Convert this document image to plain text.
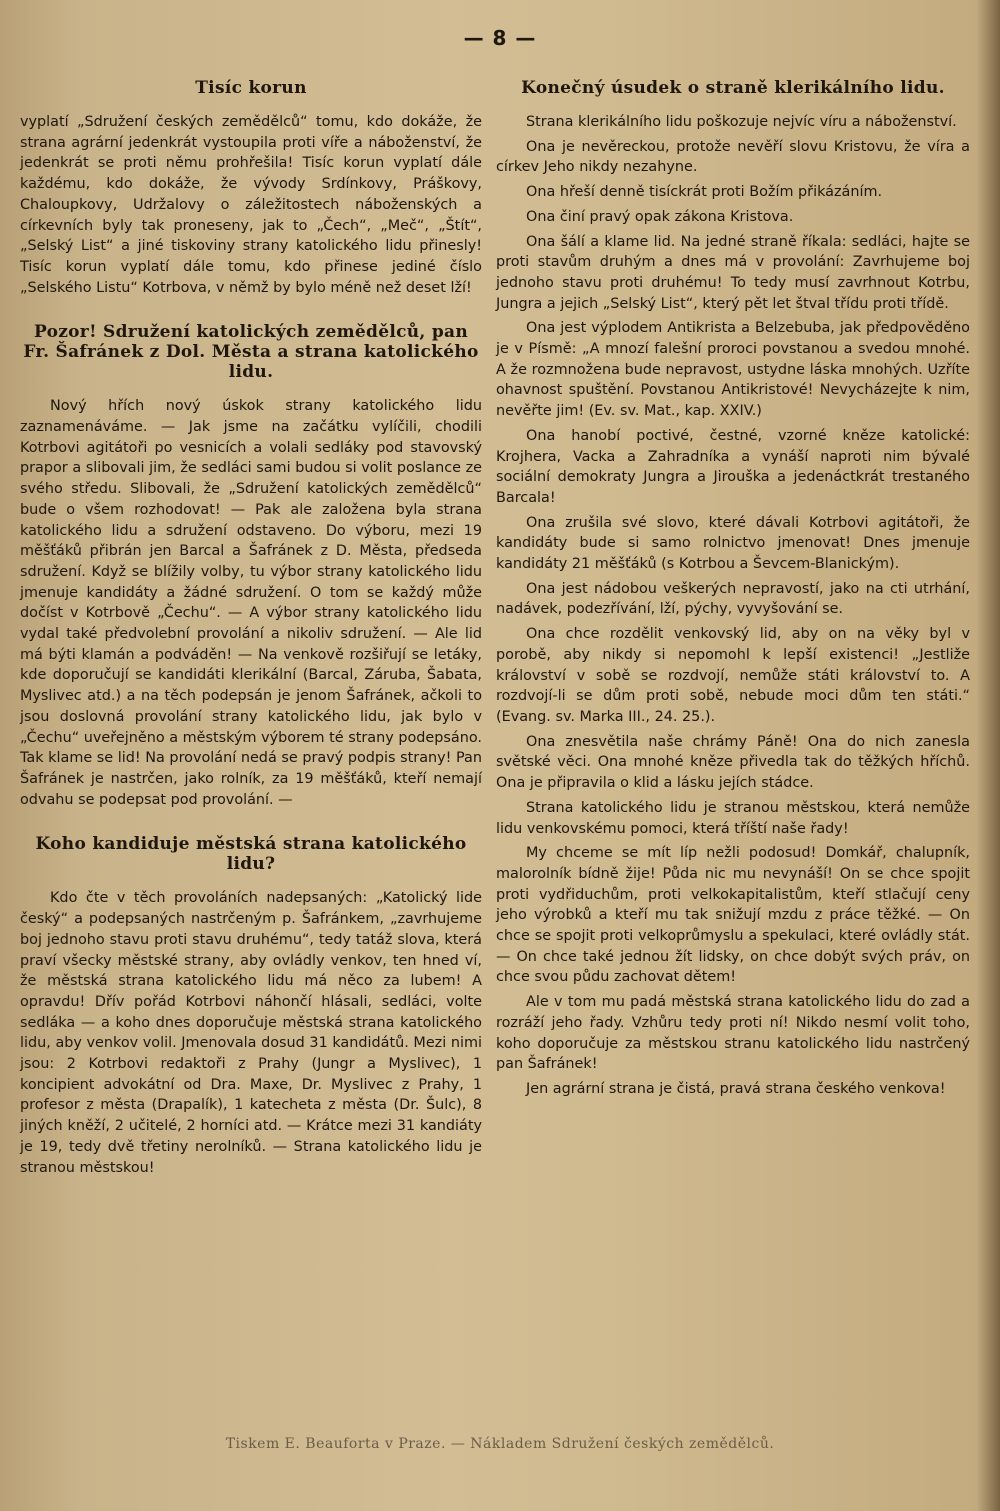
— 8 —
Tisíc korun

vyplatí „Sdružení českých zemědělců“ tomu, kdo dokáže, že strana agrární jedenkrát vystoupila proti víře a náboženství, že jedenkrát se proti němu prohřešila! Tisíc korun vyplatí dále každému, kdo dokáže, že vývody Srdínkovy, Práškovy, Chaloupkovy, Udržalovy o záležitostech náboženských a církevních byly tak proneseny, jak to „Čech“, „Meč“, „Štít“, „Selský List“ a jiné tiskoviny strany katolického lidu přinesly! Tisíc korun vyplatí dále tomu, kdo přinese jediné číslo „Selského Listu“ Kotrbova, v němž by bylo méně než deset lží!

Pozor! Sdružení katolických zemědělců, pan Fr. Šafránek z Dol. Města a strana katolického lidu.

Nový hřích nový úskok strany katolického lidu zaznamenáváme. — Jak jsme na začátku vylíčili, chodili Kotrbovi agitátoři po vesnicích a volali sedláky pod stavovský prapor a slibovali jim, že sedláci sami budou si volit poslance ze svého středu. Slibovali, že „Sdružení katolických zemědělců“ bude o všem rozhodovat! — Pak ale založena byla strana katolického lidu a sdružení odstaveno. Do výboru, mezi 19 měšťáků přibrán jen Barcal a Šafránek z D. Města, předseda sdružení. Když se blížily volby, tu výbor strany katolického lidu jmenuje kandidáty a žádné sdružení. O tom se každý může dočíst v Kotrbově „Čechu“. — A výbor strany katolického lidu vydal také předvolební provolání a nikoliv sdružení. — Ale lid má býti klamán a podváděn! — Na venkově rozšiřují se letáky, kde doporučují se kandidáti klerikální (Barcal, Záruba, Šabata, Myslivec atd.) a na těch podepsán je jenom Šafránek, ačkoli to jsou doslovná provolání strany katolického lidu, jak bylo v „Čechu“ uveřejněno a městským výborem té strany podepsáno. Tak klame se lid! Na provolání nedá se pravý podpis strany! Pan Šafránek je nastrčen, jako rolník, za 19 měšťáků, kteří nemají odvahu se podepsat pod provolání. —

Koho kandiduje městská strana katolického lidu?

Kdo čte v těch provoláních nadepsaných: „Katolický lide český“ a podepsaných nastrčeným p. Šafránkem, „zavrhujeme boj jednoho stavu proti stavu druhému“, tedy tatáž slova, která praví všecky městské strany, aby ovládly venkov, ten hned ví, že městská strana katolického lidu má něco za lubem! A opravdu! Dřív pořád Kotrbovi náhončí hlásali, sedláci, volte sedláka — a koho dnes doporučuje městská strana katolického lidu, aby venkov volil. Jmenovala dosud 31 kandidátů. Mezi nimi jsou: 2 Kotrbovi redaktoři z Prahy (Jungr a Myslivec), 1 koncipient advokátní od Dra. Maxe, Dr. Myslivec z Prahy, 1 profesor z města (Drapalík), 1 katecheta z města (Dr. Šulc), 8 jiných kněží, 2 učitelé, 2 horníci atd. — Krátce mezi 31 kandiáty je 19, tedy dvě třetiny nerolníků. — Strana katolického lidu je stranou městskou!

Konečný úsudek o straně klerikálního lidu.

Strana klerikálního lidu poškozuje nejvíc víru a náboženství.

Ona je nevěreckou, protože nevěří slovu Kristovu, že víra a církev Jeho nikdy nezahyne.

Ona hřeší denně tisíckrát proti Božím přikázáním.

Ona činí pravý opak zákona Kristova.

Ona šálí a klame lid. Na jedné straně říkala: sedláci, hajte se proti stavům druhým a dnes má v provolání: Zavrhujeme boj jednoho stavu proti druhému! To tedy musí zavrhnout Kotrbu, Jungra a jejich „Selský List“, který pět let štval třídu proti třídě.

Ona jest výplodem Antikrista a Belzebuba, jak předpověděno je v Písmě: „A mnozí falešní proroci povstanou a svedou mnohé. A že rozmnožena bude nepravost, ustydne láska mnohých. Uzříte ohavnost spuštění. Povstanou Antikristové! Nevycházejte k nim, nevěřte jim! (Ev. sv. Mat., kap. XXIV.)

Ona hanobí poctivé, čestné, vzorné kněze katolické: Krojhera, Vacka a Zahradníka a vynáší naproti nim bývalé sociální demokraty Jungra a Jirouška a jedenáctkrát trestaného Barcala!

Ona zrušila své slovo, které dávali Kotrbovi agitátoři, že kandidáty bude si samo rolnictvo jmenovat! Dnes jmenuje kandidáty 21 měšťáků (s Kotrbou a Ševcem-Blanickým).

Ona jest nádobou veškerých nepravostí, jako na cti utrhání, nadávek, podezřívání, lží, pýchy, vyvyšování se.

Ona chce rozdělit venkovský lid, aby on na věky byl v porobě, aby nikdy si nepomohl k lepší existenci! „Jestliže království v sobě se rozdvojí, nemůže státi království to. A rozdvojí-li se dům proti sobě, nebude moci dům ten státi.“ (Evang. sv. Marka III., 24. 25.).

Ona znesvětila naše chrámy Páně! Ona do nich zanesla světské věci. Ona mnohé kněze přivedla tak do těžkých hříchů. Ona je připravila o klid a lásku jejích stádce.

Strana katolického lidu je stranou městskou, která nemůže lidu venkovskému pomoci, která tříští naše řady!

My chceme se mít líp nežli podosud! Domkář, chalupník, malorolník bídně žije! Půda nic mu nevynáší! On se chce spojit proti vydřiduchům, proti velkokapitalistům, kteří stlačují ceny jeho výrobků a kteří mu tak snižují mzdu z práce těžké. — On chce se spojit proti velkoprůmyslu a spekulaci, které ovládly stát. — On chce také jednou žít lidsky, on chce dobýt svých práv, on chce svou půdu zachovat dětem!

Ale v tom mu padá městská strana katolického lidu do zad a rozráží jeho řady. Vzhůru tedy proti ní! Nikdo nesmí volit toho, koho doporučuje za městskou stranu katolického lidu nastrčený pan Šafránek!

Jen agrární strana je čistá, pravá strana českého venkova!

Tiskem E. Beauforta v Praze. — Nákladem Sdružení českých zemědělců.
